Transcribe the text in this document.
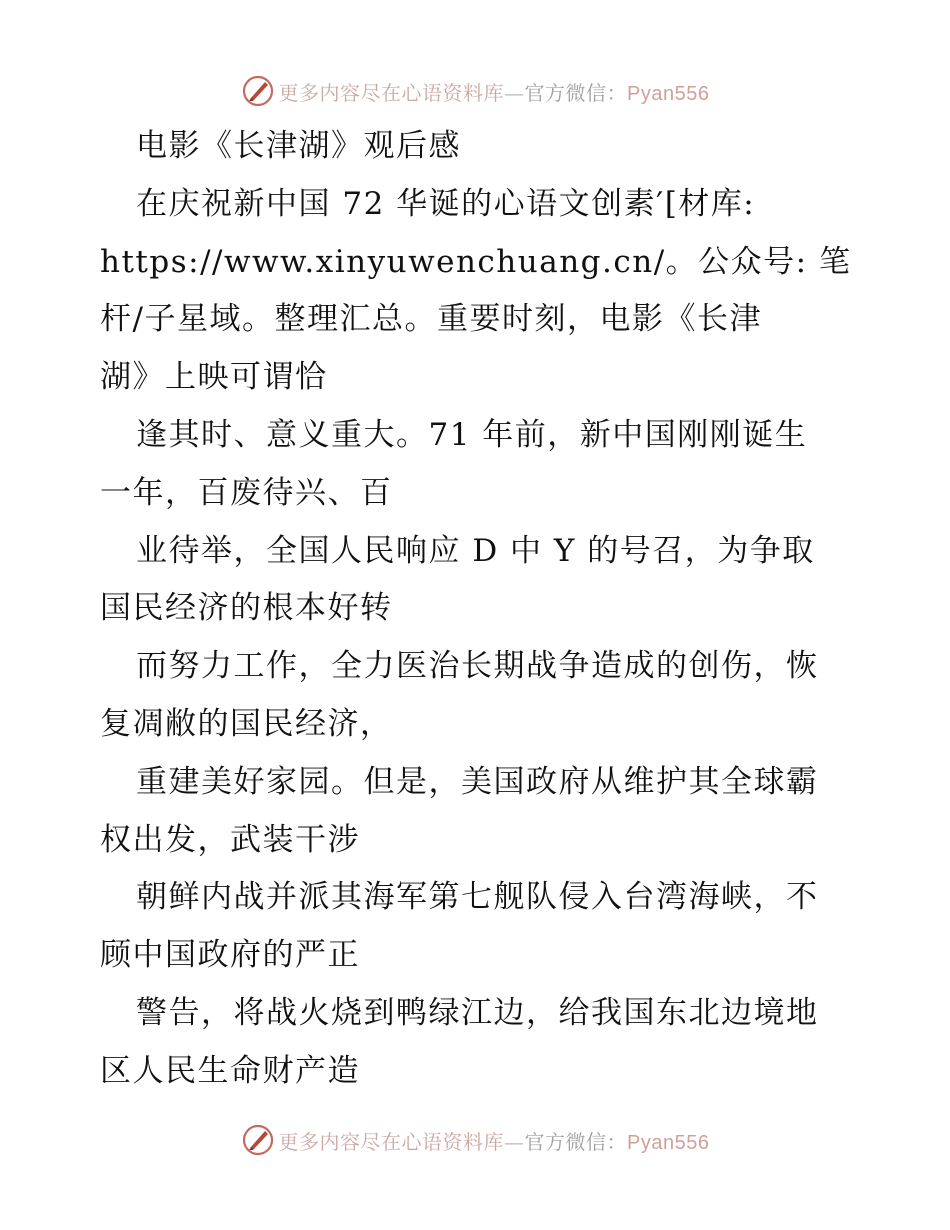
更多内容尽在心语资料库—官方微信：Pyan556
电影《长津湖》观后感
在庆祝新中国 72 华诞的心语文创素′[材库:
https://www.xinyuwenchuang.cn/。公众号: 笔
杆/子星域。整理汇总。重要时刻，电影《长津
湖》上映可谓恰
逢其时、意义重大。71 年前，新中国刚刚诞生
一年，百废待兴、百
业待举，全国人民响应 D 中 Y 的号召，为争取
国民经济的根本好转
而努力工作，全力医治长期战争造成的创伤，恢
复凋敝的国民经济，
重建美好家园。但是，美国政府从维护其全球霸
权出发，武装干涉
朝鲜内战并派其海军第七舰队侵入台湾海峡，不
顾中国政府的严正
警告，将战火烧到鸭绿江边，给我国东北边境地
区人民生命财产造
更多内容尽在心语资料库—官方微信：Pyan556
